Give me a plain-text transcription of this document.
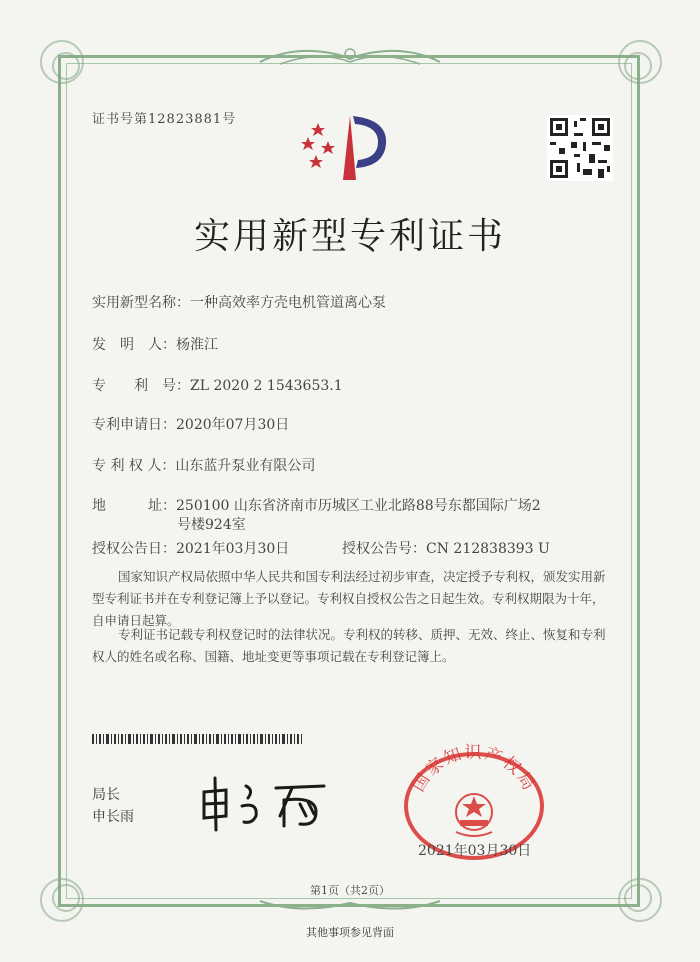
证书号第12823881号
实用新型专利证书
实用新型名称：一种高效率方壳电机管道离心泵
发　明　人：杨淮江
专　　利　号：ZL 2020 2 1543653.1
专利申请日：2020年07月30日
专 利 权 人：山东蓝升泵业有限公司
地　　　址：250100 山东省济南市历城区工业北路88号东都国际广场2
号楼924室
授权公告日：2021年03月30日	授权公告号：CN 212838393 U
国家知识产权局依照中华人民共和国专利法经过初步审查，决定授予专利权，颁发实用新型专利证书并在专利登记簿上予以登记。专利权自授权公告之日起生效。专利权期限为十年，自申请日起算。
专利证书记载专利权登记时的法律状况。专利权的转移、质押、无效、终止、恢复和专利权人的姓名或名称、国籍、地址变更等事项记载在专利登记簿上。
局长
申长雨
国家知识产权局
2021年03月30日
第1页（共2页）
其他事项参见背面
